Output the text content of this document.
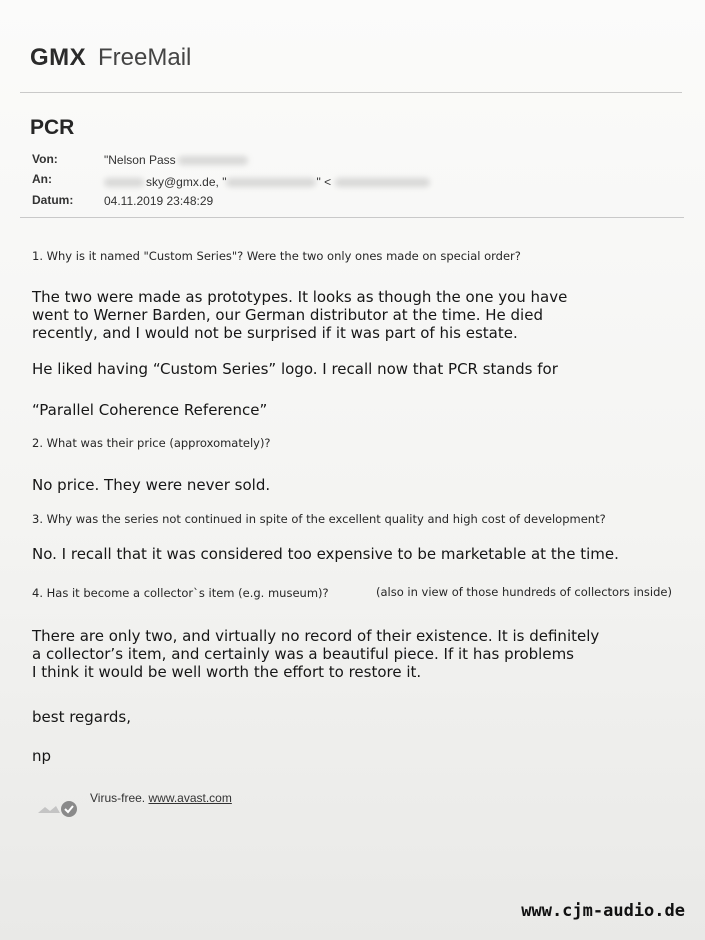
GMX FreeMail
PCR
Von:	"Nelson Pass
An:	sky@gmx.de, "	" <
Datum:	04.11.2019 23:48:29
1. Why is it named "Custom Series"? Were the two only ones made on special order?
The two were made as prototypes. It looks as though the one you have
went to Werner Barden, our German distributor at the time. He died
recently, and I would not be surprised if it was part of his estate.
He liked having “Custom Series” logo. I recall now that PCR stands for
“Parallel Coherence Reference”
2. What was their price (approxomately)?
No price. They were never sold.
3. Why was the series not continued in spite of the excellent quality and high cost of development?
No. I recall that it was considered too expensive to be marketable at the time.
4. Has it become a collector`s item (e.g. museum)?	(also in view of those hundreds of collectors inside)
There are only two, and virtually no record of their existence. It is definitely
a collector’s item, and certainly was a beautiful piece. If it has problems
I think it would be well worth the effort to restore it.
best regards,
np
Virus-free. www.avast.com
www.cjm-audio.de
